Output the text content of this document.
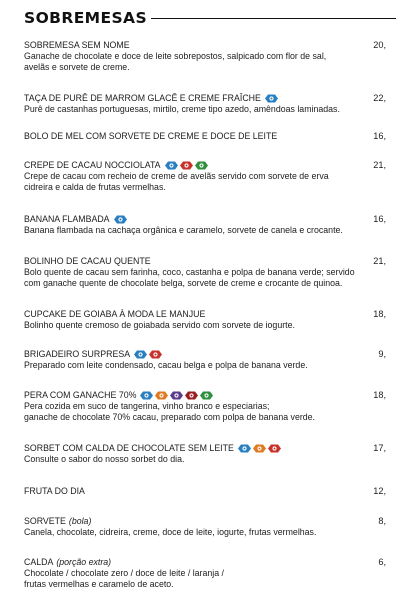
SOBREMESAS
SOBREMESA SEM NOME	20,
Ganache de chocolate e doce de leite sobrepostos, salpicado com flor de sal,
avelãs e sorvete de creme.
TAÇA DE PURÊ DE MARROM GLACÊ E CREME FRAÎCHE	22,
Purê de castanhas portuguesas, mirtilo, creme tipo azedo, amêndoas laminadas.
BOLO DE MEL COM SORVETE DE CREME E DOCE DE LEITE	16,
CREPE DE CACAU NOCCIOLATA	21,
Crepe de cacau com recheio de creme de avelãs servido com sorvete de erva
cidreira e calda de frutas vermelhas.
BANANA FLAMBADA	16,
Banana flambada na cachaça orgânica e caramelo, sorvete de canela e crocante.
BOLINHO DE CACAU QUENTE	21,
Bolo quente de cacau sem farinha, coco, castanha e polpa de banana verde; servido
com ganache quente de chocolate belga, sorvete de creme e crocante de quinoa.
CUPCAKE DE GOIABA À MODA LE MANJUE	18,
Bolinho quente cremoso de goiabada servido com sorvete de iogurte.
BRIGADEIRO SURPRESA	9,
Preparado com leite condensado, cacau belga e polpa de banana verde.
PERA COM GANACHE 70%	18,
Pera cozida em suco de tangerina, vinho branco e especiarias;
ganache de chocolate 70% cacau, preparado com polpa de banana verde.
SORBET COM CALDA DE CHOCOLATE SEM LEITE	17,
Consulte o sabor do nosso sorbet do dia.
FRUTA DO DIA	12,
SORVETE (bola)	8,
Canela, chocolate, cidreira, creme, doce de leite, iogurte, frutas vermelhas.
CALDA (porção extra)	6,
Chocolate / chocolate zero / doce de leite / laranja /
frutas vermelhas e caramelo de aceto.
